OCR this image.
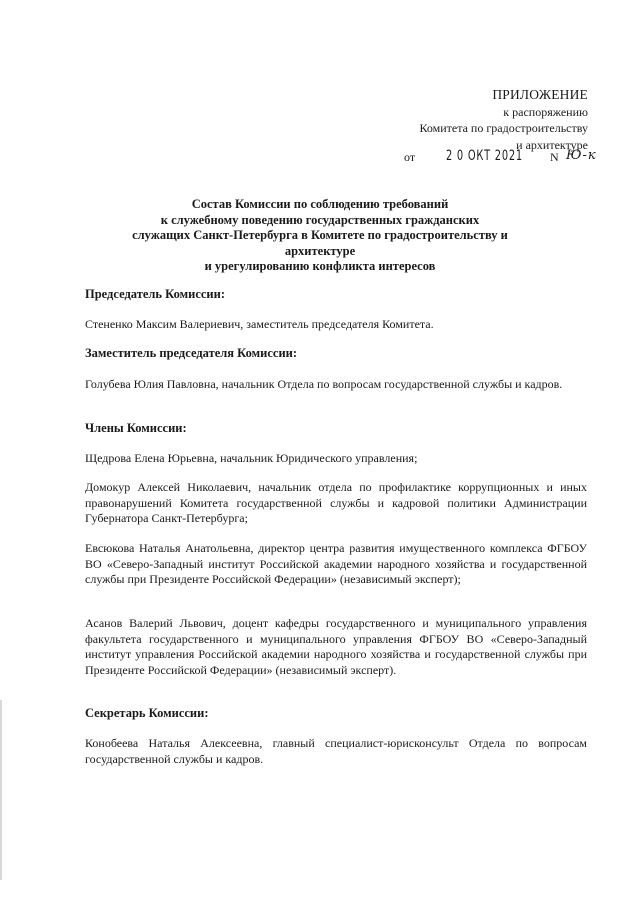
ПРИЛОЖЕНИЕ
к распоряжению
Комитета по градостроительству
и архитектуре
от 2 0 ОКТ 2021 N Ю-к
Состав Комиссии по соблюдению требований
к служебному поведению государственных гражданских
служащих Санкт-Петербурга в Комитете по градостроительству и архитектуре
и урегулированию конфликта интересов
Председатель Комиссии:
Стененко Максим Валериевич, заместитель председателя Комитета.
Заместитель председателя Комиссии:
Голубева Юлия Павловна, начальник Отдела по вопросам государственной службы и кадров.
Члены Комиссии:
Щедрова Елена Юрьевна, начальник Юридического управления;
Домокур Алексей Николаевич, начальник отдела по профилактике коррупционных и иных правонарушений Комитета государственной службы и кадровой политики Администрации Губернатора Санкт-Петербурга;
Евсюкова Наталья Анатольевна, директор центра развития имущественного комплекса ФГБОУ ВО «Северо-Западный институт Российской академии народного хозяйства и государственной службы при Президенте Российской Федерации» (независимый эксперт);
Асанов Валерий Львович, доцент кафедры государственного и муниципального управления факультета государственного и муниципального управления ФГБОУ ВО «Северо-Западный институт управления Российской академии народного хозяйства и государственной службы при Президенте Российской Федерации» (независимый эксперт).
Секретарь Комиссии:
Конобеева Наталья Алексеевна, главный специалист-юрисконсульт Отдела по вопросам государственной службы и кадров.
